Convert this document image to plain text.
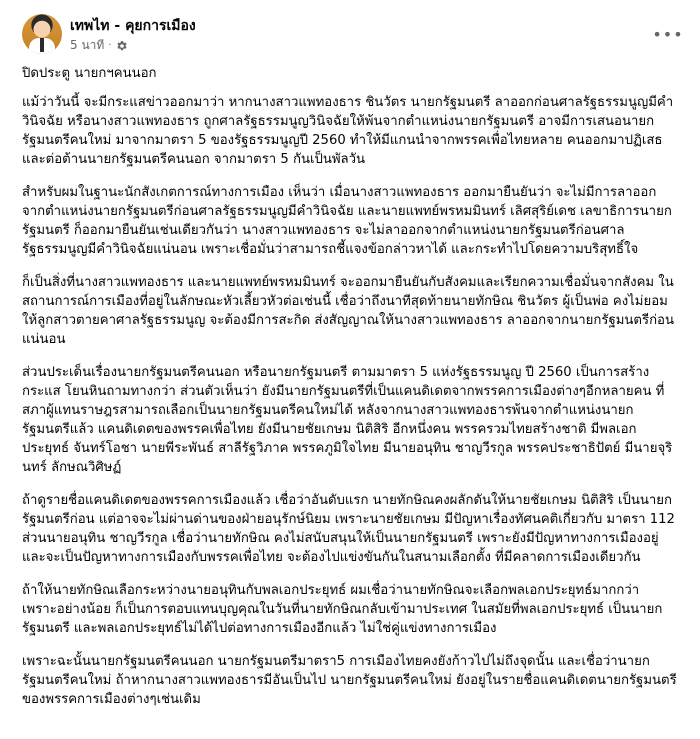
เทพไท - คุยการเมือง
5 นาที ·
•••

ปิดประตู นายกฯคนนอก

แม้ว่าวันนี้ จะมีกระแสข่าวออกมาว่า หากนางสาวแพทองธาร ชินวัตร นายกรัฐมนตรี ลาออกก่อนศาลรัฐธรรมนูญมีคำวินิจฉัย หรือนางสาวแพทองธาร ถูกศาลรัฐธรรมนูญวินิจฉัยให้พ้นจากตำแหน่งนายกรัฐมนตรี อาจมีการเสนอนายกรัฐมนตรีคนใหม่ มาจากมาตรา 5 ของรัฐธรรมนูญปี 2560 ทำให้มีแกนนำจากพรรคเพื่อไทยหลาย คนออกมาปฏิเสธ และต่อต้านนายกรัฐมนตรีคนนอก จากมาตรา 5 กันเป็นพัลวัน

สำหรับผมในฐานะนักสังเกตการณ์ทางการเมือง เห็นว่า เมื่อนางสาวแพทองธาร ออกมายืนยันว่า จะไม่มีการลาออกจากตำแหน่งนายกรัฐมนตรีก่อนศาลรัฐธรรมนูญมีคำวินิจฉัย และนายแพทย์พรหมมินทร์ เลิศสุริย์เดช เลขาธิการนายกรัฐมนตรี ก็ออกมายืนยันเช่นเดียวกันว่า นางสาวแพทองธาร จะไม่ลาออกจากตำแหน่งนายกรัฐมนตรีก่อนศาลรัฐธรรมนูญมีคำวินิจฉัยแน่นอน เพราะเชื่อมั่นว่าสามารถชี้แจงข้อกล่าวหาได้ และกระทำไปโดยความบริสุทธิ์ใจ

ก็เป็นสิ่งที่นางสาวแพทองธาร และนายแพทย์พรหมมินทร์ จะออกมายืนยันกับสังคมและเรียกความเชื่อมั่นจากสังคม ในสถานการณ์การเมืองที่อยู่ในลักษณะหัวเลี้ยวหัวต่อเช่นนี้ เชื่อว่าถึงนาทีสุดท้ายนายทักษิณ ชินวัตร ผู้เป็นพ่อ คงไม่ยอมให้ลูกสาวตายคาศาลรัฐธรรมนูญ จะต้องมีการสะกิด ส่งสัญญาณให้นางสาวแพทองธาร ลาออกจากนายกรัฐมนตรีก่อนแน่นอน

ส่วนประเด็นเรื่องนายกรัฐมนตรีคนนอก หรือนายกรัฐมนตรี ตามมาตรา 5 แห่งรัฐธรรมนูญ ปี 2560 เป็นการสร้างกระแส โยนหินถามทางกว่า ส่วนตัวเห็นว่า ยังมีนายกรัฐมนตรีที่เป็นแคนดิเดตจากพรรคการเมืองต่างๆอีกหลายคน ที่สภาผู้แทนราษฎรสามารถเลือกเป็นนายกรัฐมนตรีคนใหม่ได้ หลังจากนางสาวแพทองธารพ้นจากตำแหน่งนายกรัฐมนตรีแล้ว แคนดิเดตของพรรคเพื่อไทย ยังมีนายชัยเกษม นิติสิริ อีกหนึ่งคน พรรครวมไทยสร้างชาติ มีพลเอกประยุทธ์ จันทร์โอชา นายพีระพันธ์ สาลีรัฐวิภาค พรรคภูมิใจไทย มีนายอนุทิน ชาญวีรกูล พรรคประชาธิปัตย์ มีนายจุรินทร์ ลักษณวิศิษฏ์

ถ้าดูรายชื่อแคนดิเดตของพรรคการเมืองแล้ว เชื่อว่าอันดับแรก นายทักษิณคงผลักดันให้นายชัยเกษม นิติสิริ เป็นนายกรัฐมนตรีก่อน แต่อาจจะไม่ผ่านด่านของฝ่ายอนุรักษ์นิยม เพราะนายชัยเกษม มีปัญหาเรื่องทัศนคติเกี่ยวกับ มาตรา 112 ส่วนนายอนุทิน ชาญวีรกูล เชื่อว่านายทักษิณ คงไม่สนับสนุนให้เป็นนายกรัฐมนตรี เพราะยังมีปัญหาทางการเมืองอยู่ และจะเป็นปัญหาทางการเมืองกับพรรคเพื่อไทย จะต้องไปแข่งขันกันในสนามเลือกตั้ง ที่มีคลาดการเมืองเดียวกัน

ถ้าให้นายทักษิณเลือกระหว่างนายอนุทินกับพลเอกประยุทธ์ ผมเชื่อว่านายทักษิณจะเลือกพลเอกประยุทธ์มากกว่า เพราะอย่างน้อย ก็เป็นการตอบแทนบุญคุณในวันที่นายทักษิณกลับเข้ามาประเทศ ในสมัยที่พลเอกประยุทธ์ เป็นนายกรัฐมนตรี และพลเอกประยุทธ์ไม่ได้ไปต่อทางการเมืองอีกแล้ว ไม่ใช่คู่แข่งทางการเมือง

เพราะฉะนั้นนายกรัฐมนตรีคนนอก นายกรัฐมนตรีมาตรา5 การเมืองไทยคงยังก้าวไปไม่ถึงจุดนั้น และเชื่อว่านายกรัฐมนตรีคนใหม่ ถ้าหากนางสาวแพทองธารมีอันเป็นไป นายกรัฐมนตรีคนใหม่ ยังอยู่ในรายชื่อแคนดิเดตนายกรัฐมนตรีของพรรคการเมืองต่างๆเช่นเดิม
